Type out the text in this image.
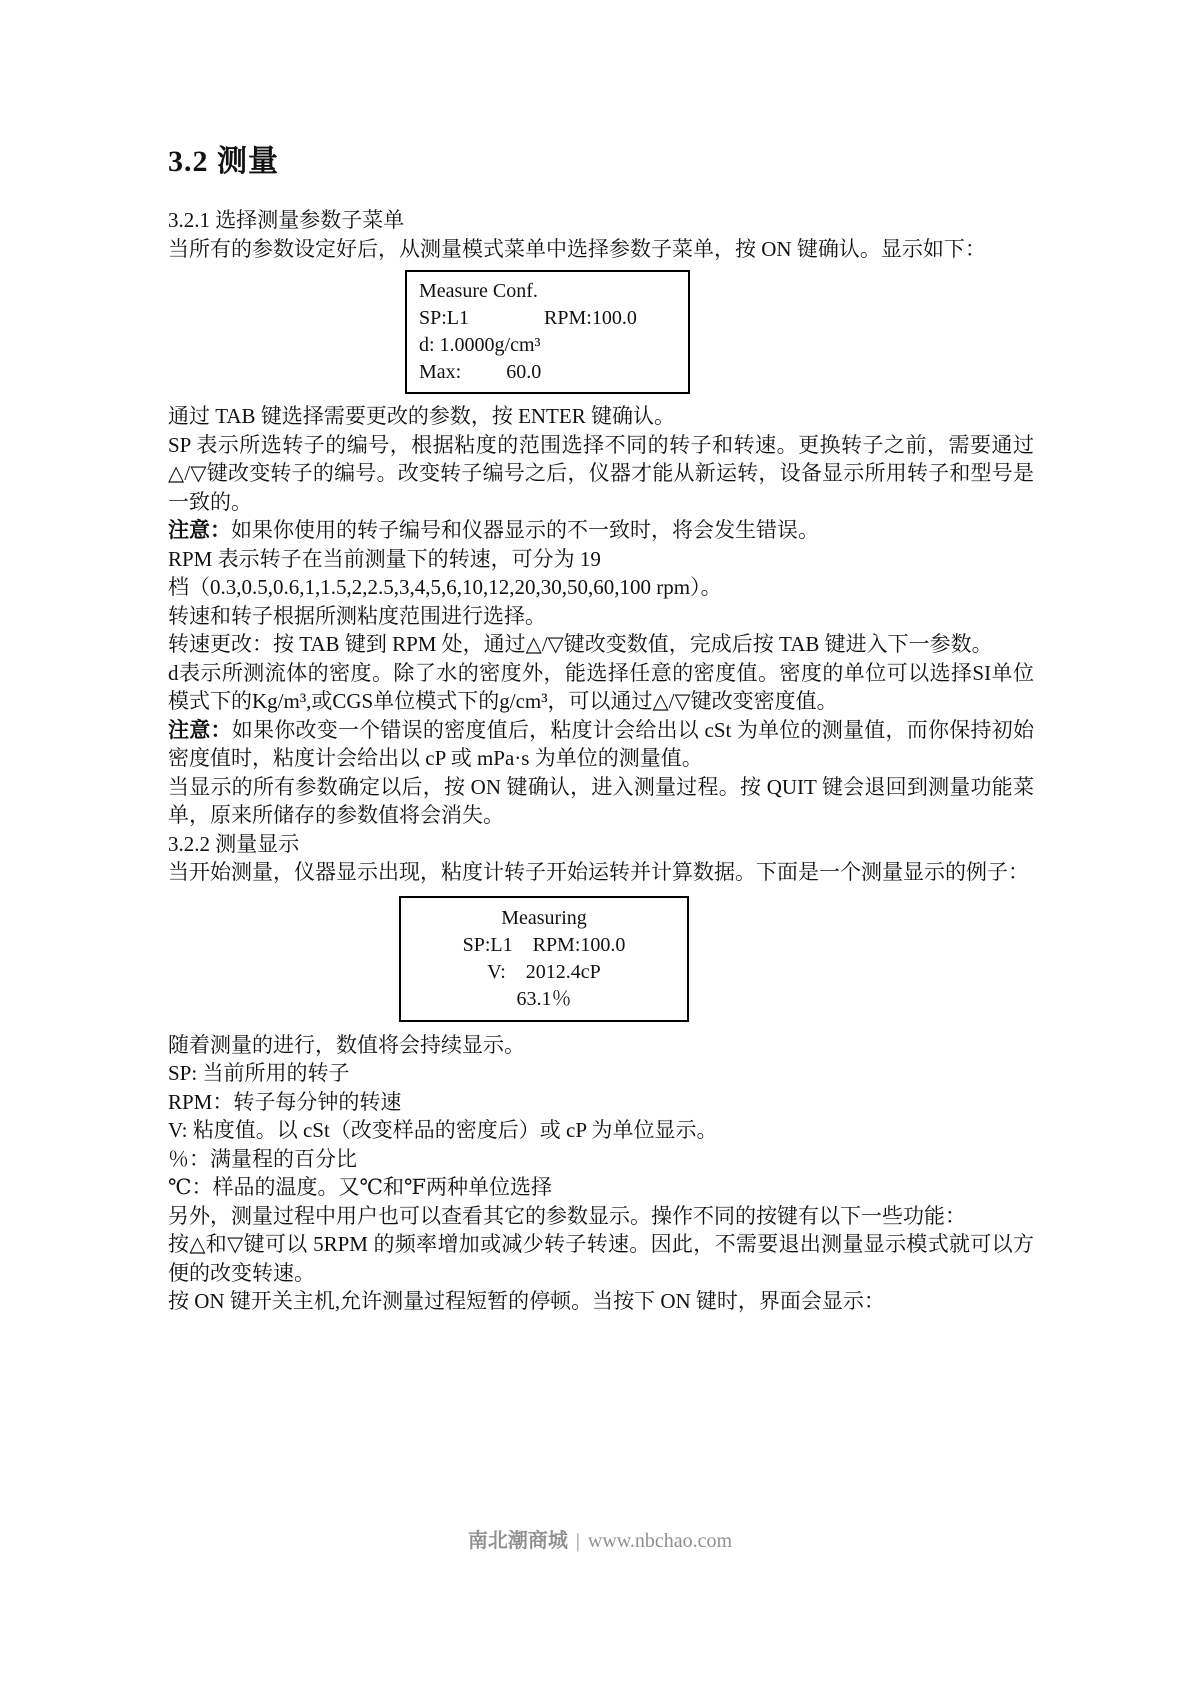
3.2 测量

3.2.1 选择测量参数子菜单

当所有的参数设定好后，从测量模式菜单中选择参数子菜单，按 ON 键确认。显示如下：

Measure Conf.
SP:L1               RPM:100.0
d: 1.0000g/cm³
Max:         60.0

通过 TAB 键选择需要更改的参数，按 ENTER 键确认。

SP 表示所选转子的编号，根据粘度的范围选择不同的转子和转速。更换转子之前，需要通过△/▽键改变转子的编号。改变转子编号之后，仪器才能从新运转，设备显示所用转子和型号是一致的。

注意：如果你使用的转子编号和仪器显示的不一致时，将会发生错误。

RPM 表示转子在当前测量下的转速，可分为 19

档（0.3,0.5,0.6,1,1.5,2,2.5,3,4,5,6,10,12,20,30,50,60,100 rpm）。

转速和转子根据所测粘度范围进行选择。

转速更改：按 TAB 键到 RPM 处，通过△/▽键改变数值，完成后按 TAB 键进入下一参数。

d表示所测流体的密度。除了水的密度外，能选择任意的密度值。密度的单位可以选择SI单位模式下的Kg/m³,或CGS单位模式下的g/cm³，可以通过△/▽键改变密度值。

注意：如果你改变一个错误的密度值后，粘度计会给出以 cSt 为单位的测量值，而你保持初始密度值时，粘度计会给出以 cP 或 mPa·s 为单位的测量值。

当显示的所有参数确定以后，按 ON 键确认，进入测量过程。按 QUIT 键会退回到测量功能菜单，原来所储存的参数值将会消失。

3.2.2 测量显示

当开始测量，仪器显示出现，粘度计转子开始运转并计算数据。下面是一个测量显示的例子：

Measuring
SP:L1    RPM:100.0
V:    2012.4cP
63.1％

随着测量的进行，数值将会持续显示。

SP: 当前所用的转子

RPM：转子每分钟的转速

V: 粘度值。以 cSt（改变样品的密度后）或 cP 为单位显示。

％：满量程的百分比

℃：样品的温度。又℃和℉两种单位选择

另外，测量过程中用户也可以查看其它的参数显示。操作不同的按键有以下一些功能：

按△和▽键可以 5RPM 的频率增加或减少转子转速。因此，不需要退出测量显示模式就可以方便的改变转速。

按 ON 键开关主机,允许测量过程短暂的停顿。当按下 ON 键时，界面会显示：

南北潮商城 | www.nbchao.com
